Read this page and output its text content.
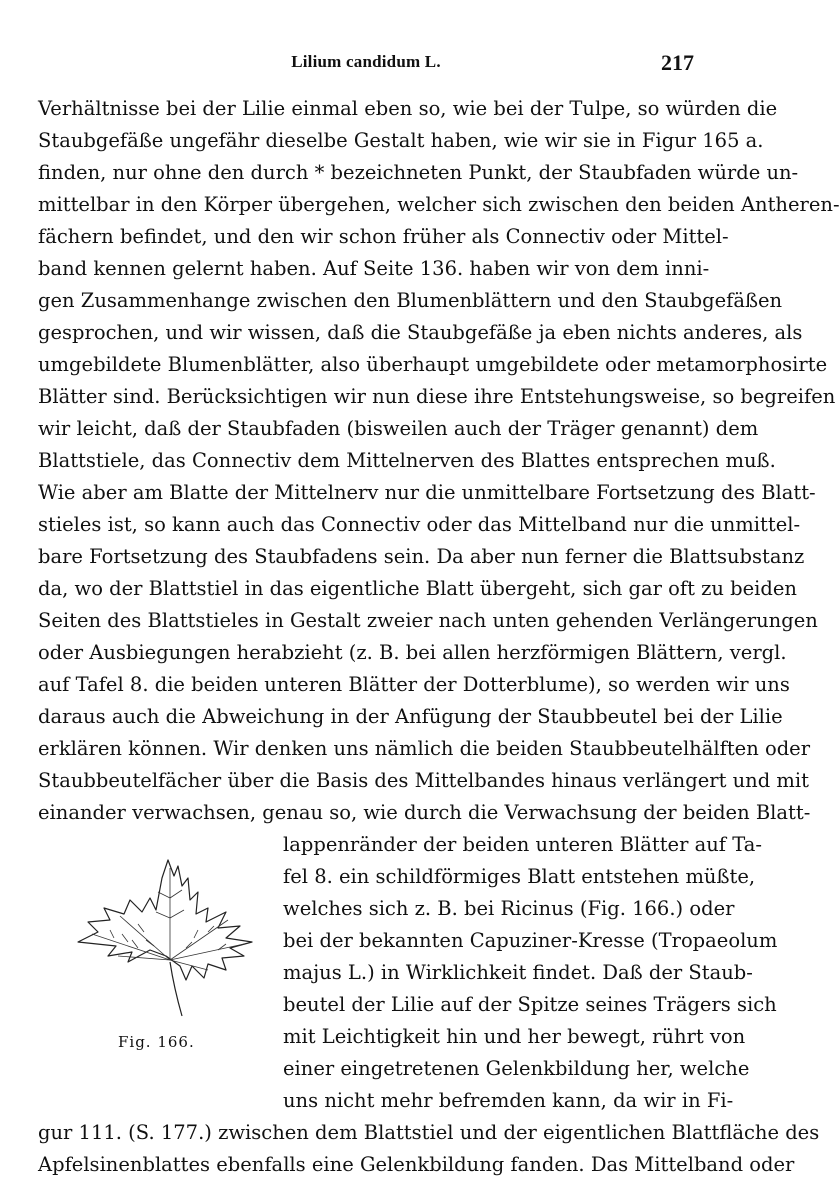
Lilium candidum L.	217
Verhältnisse bei der Lilie einmal eben so, wie bei der Tulpe, so würden die
Staubgefäße ungefähr dieselbe Gestalt haben, wie wir sie in Figur 165 a.
finden, nur ohne den durch * bezeichneten Punkt, der Staubfaden würde un-
mittelbar in den Körper übergehen, welcher sich zwischen den beiden Antheren-
fächern befindet, und den wir schon früher als Connectiv oder Mittel-
band kennen gelernt haben. Auf Seite 136. haben wir von dem inni-
gen Zusammenhange zwischen den Blumenblättern und den Staubgefäßen
gesprochen, und wir wissen, daß die Staubgefäße ja eben nichts anderes, als
umgebildete Blumenblätter, also überhaupt umgebildete oder metamorphosirte
Blätter sind. Berücksichtigen wir nun diese ihre Entstehungsweise, so begreifen
wir leicht, daß der Staubfaden (bisweilen auch der Träger genannt) dem
Blattstiele, das Connectiv dem Mittelnerven des Blattes entsprechen muß.
Wie aber am Blatte der Mittelnerv nur die unmittelbare Fortsetzung des Blatt-
stieles ist, so kann auch das Connectiv oder das Mittelband nur die unmittel-
bare Fortsetzung des Staubfadens sein. Da aber nun ferner die Blattsubstanz
da, wo der Blattstiel in das eigentliche Blatt übergeht, sich gar oft zu beiden
Seiten des Blattstieles in Gestalt zweier nach unten gehenden Verlängerungen
oder Ausbiegungen herabzieht (z. B. bei allen herzförmigen Blättern, vergl.
auf Tafel 8. die beiden unteren Blätter der Dotterblume), so werden wir uns
daraus auch die Abweichung in der Anfügung der Staubbeutel bei der Lilie
erklären können. Wir denken uns nämlich die beiden Staubbeutelhälften oder
Staubbeutelfächer über die Basis des Mittelbandes hinaus verlängert und mit
einander verwachsen, genau so, wie durch die Verwachsung der beiden Blatt-
lappenränder der beiden unteren Blätter auf Ta-
fel 8. ein schildförmiges Blatt entstehen müßte,
welches sich z. B. bei Ricinus (Fig. 166.) oder
bei der bekannten Capuziner-Kresse (Tropaeolum
majus L.) in Wirklichkeit findet. Daß der Staub-
beutel der Lilie auf der Spitze seines Trägers sich
mit Leichtigkeit hin und her bewegt, rührt von
einer eingetretenen Gelenkbildung her, welche
uns nicht mehr befremden kann, da wir in Fi-
gur 111. (S. 177.) zwischen dem Blattstiel und der eigentlichen Blattfläche des
Apfelsinenblattes ebenfalls eine Gelenkbildung fanden. Das Mittelband oder
Fig. 166.
